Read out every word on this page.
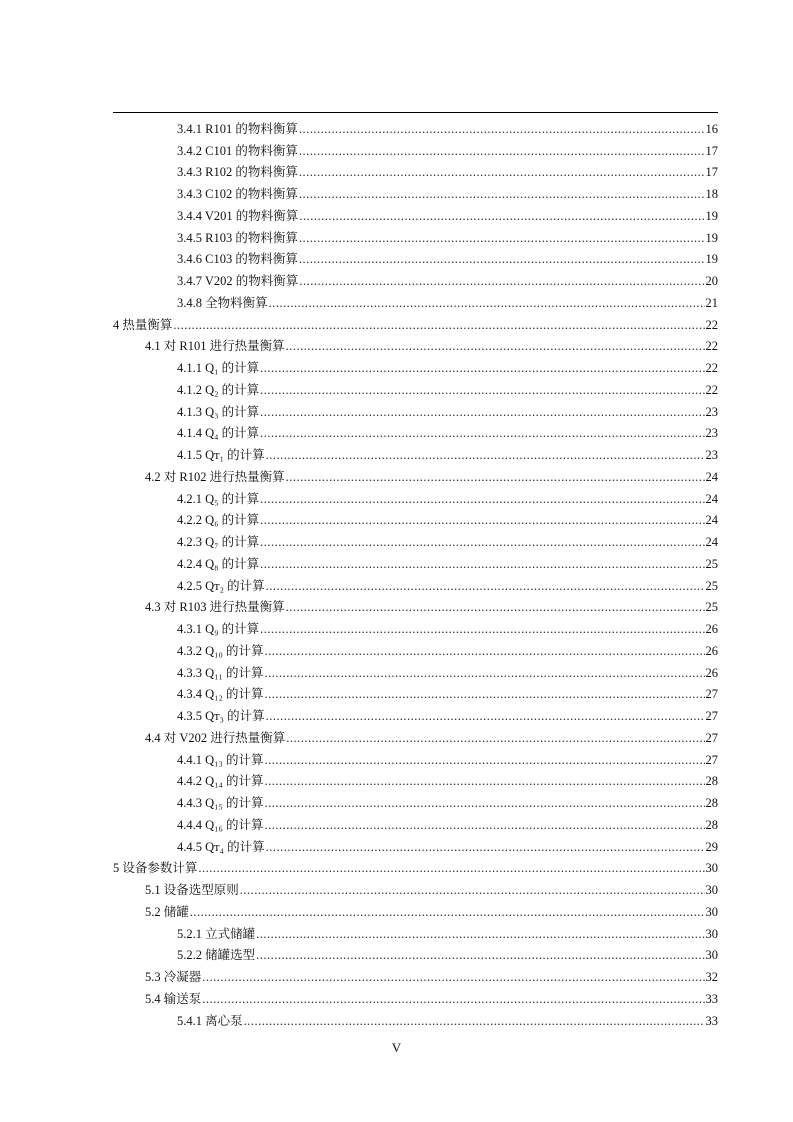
3.4.1 R101 的物料衡算 .....	16
3.4.2 C101 的物料衡算 .....	17
3.4.3 R102 的物料衡算 .....	17
3.4.3 C102 的物料衡算 .....	18
3.4.4 V201 的物料衡算 .....	19
3.4.5 R103 的物料衡算 .....	19
3.4.6 C103 的物料衡算 .....	19
3.4.7 V202 的物料衡算 .....	20
3.4.8 全物料衡算 .....	21
4 热量衡算 .....	22
4.1 对 R101 进行热量衡算 .....	22
4.1.1 Q₁ 的计算 .....	22
4.1.2 Q₂ 的计算 .....	22
4.1.3 Q₃ 的计算 .....	23
4.1.4 Q₄ 的计算 .....	23
4.1.5 Qᴛ₁ 的计算 .....	23
4.2 对 R102 进行热量衡算 .....	24
4.2.1 Q₅ 的计算 .....	24
4.2.2 Q₆ 的计算 .....	24
4.2.3 Q₇ 的计算 .....	24
4.2.4 Q₈ 的计算 .....	25
4.2.5 Qᴛ₂ 的计算 .....	25
4.3 对 R103 进行热量衡算 .....	25
4.3.1 Q₉ 的计算 .....	26
4.3.2 Q₁₀ 的计算 .....	26
4.3.3 Q₁₁ 的计算 .....	26
4.3.4 Q₁₂ 的计算 .....	27
4.3.5 Qᴛ₃ 的计算 .....	27
4.4 对 V202 进行热量衡算 .....	27
4.4.1 Q₁₃ 的计算 .....	27
4.4.2 Q₁₄ 的计算 .....	28
4.4.3 Q₁₅ 的计算 .....	28
4.4.4 Q₁₆ 的计算 .....	28
4.4.5 Qᴛ₄ 的计算 .....	29
5 设备参数计算 .....	30
5.1 设备选型原则 .....	30
5.2 储罐 .....	30
5.2.1 立式储罐 .....	30
5.2.2 储罐选型 .....	30
5.3 冷凝器 .....	32
5.4 输送泵 .....	33
5.4.1 离心泵 .....	33
V
